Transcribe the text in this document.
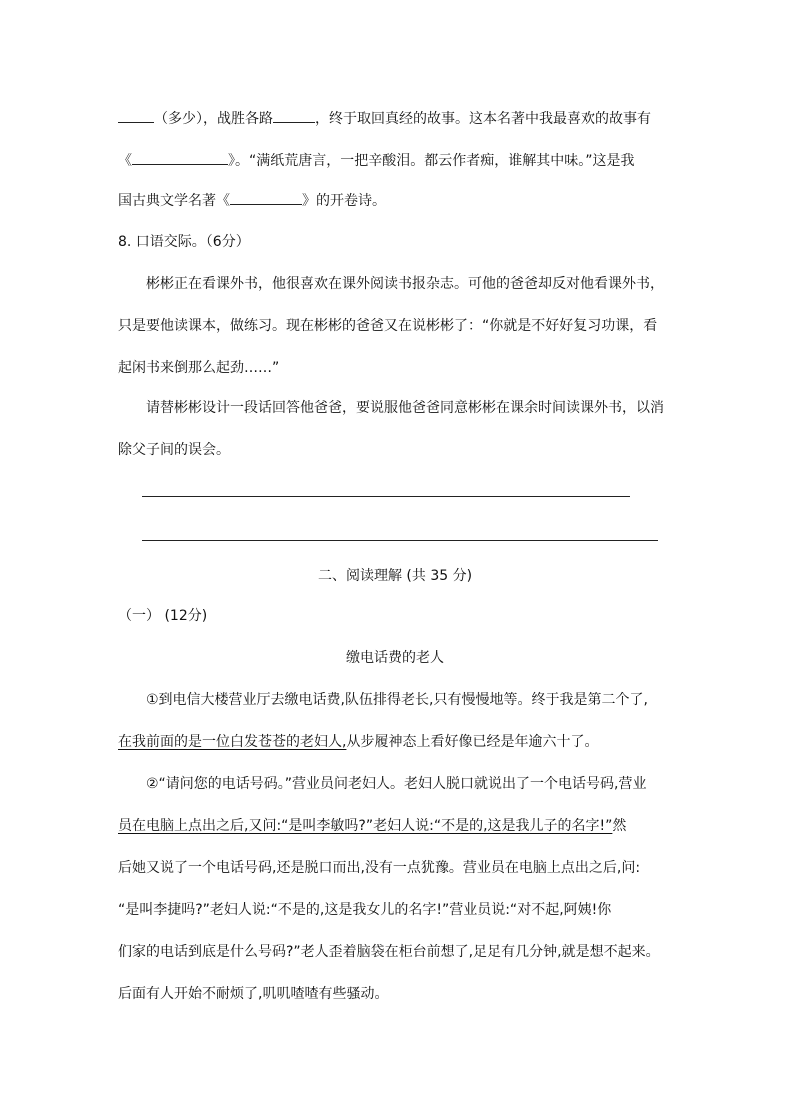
（多少），战胜各路	，终于取回真经的故事。这本名著中我最喜欢的故事有
《	》。“满纸荒唐言，一把辛酸泪。都云作者痴，谁解其中味。”这是我
国古典文学名著《	》的开卷诗。
8. 口语交际。（6分）
彬彬正在看课外书，他很喜欢在课外阅读书报杂志。可他的爸爸却反对他看课外书，
只是要他读课本，做练习。现在彬彬的爸爸又在说彬彬了：“你就是不好好复习功课，看
起闲书来倒那么起劲……”
请替彬彬设计一段话回答他爸爸，要说服他爸爸同意彬彬在课余时间读课外书，以消
除父子间的误会。
二、阅读理解 (共 35 分)
（一） (12分)
缴电话费的老人
①到电信大楼营业厅去缴电话费,队伍排得老长,只有慢慢地等。终于我是第二个了,
在我前面的是一位白发苍苍的老妇人,从步履神态上看好像已经是年逾六十了。
②“请问您的电话号码。”营业员问老妇人。老妇人脱口就说出了一个电话号码,营业
员在电脑上点出之后,又问:“是叫李敏吗?”老妇人说:“不是的,这是我儿子的名字!”然
后她又说了一个电话号码,还是脱口而出,没有一点犹豫。营业员在电脑上点出之后,问:
“是叫李捷吗?”老妇人说:“不是的,这是我女儿的名字!”营业员说:“对不起,阿姨!你
们家的电话到底是什么号码?”老人歪着脑袋在柜台前想了,足足有几分钟,就是想不起来。
后面有人开始不耐烦了,叽叽喳喳有些骚动。
